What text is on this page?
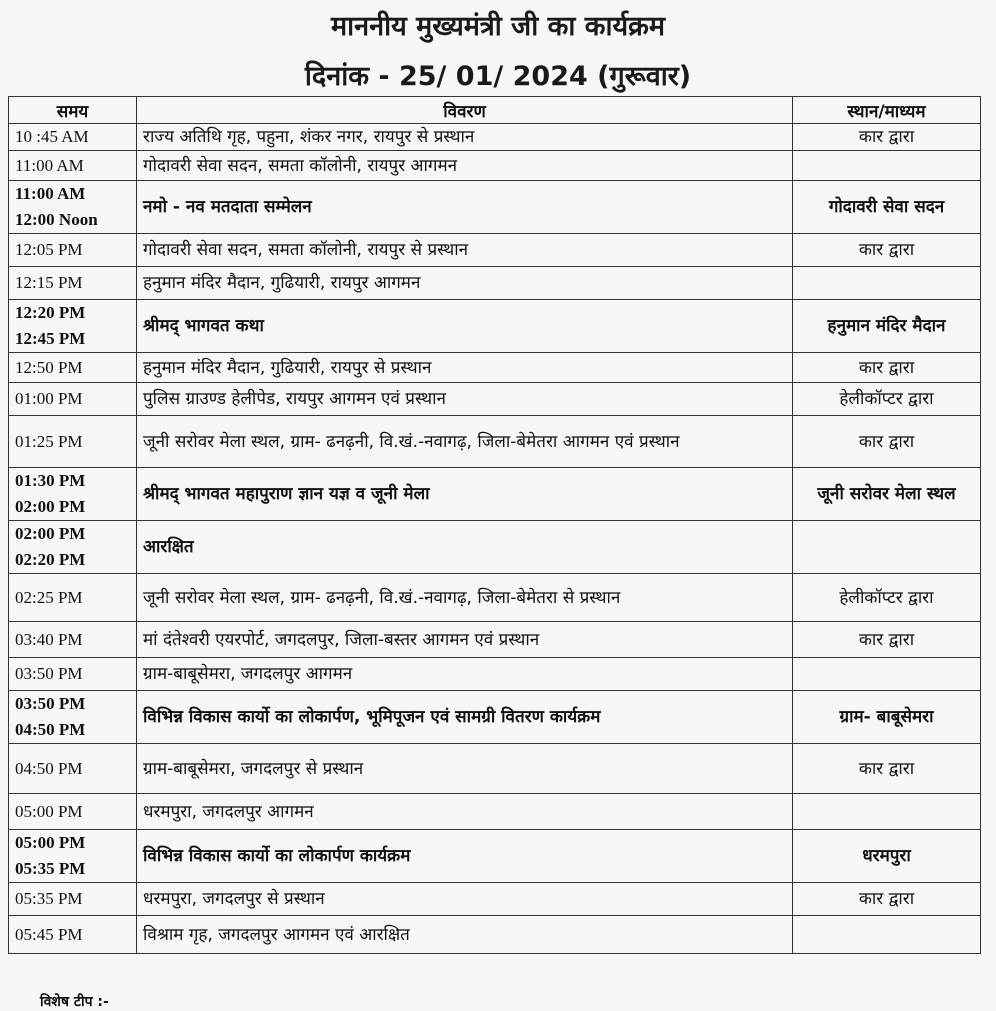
माननीय मुख्यमंत्री जी का कार्यक्रम
दिनांक - 25/ 01/ 2024 (गुरूवार)
समय	विवरण	स्थान/माध्यम

10 :45 AM	राज्य अतिथि गृह, पहुना, शंकर नगर, रायपुर से प्रस्थान	कार द्वारा

11:00 AM	गोदावरी सेवा सदन, समता कॉलोनी, रायपुर आगमन	

11:00 AM
12:00 Noon	नमो - नव मतदाता सम्मेलन	गोदावरी सेवा सदन

12:05 PM	गोदावरी सेवा सदन, समता कॉलोनी, रायपुर से प्रस्थान	कार द्वारा

12:15 PM	हनुमान मंदिर मैदान, गुढियारी, रायपुर आगमन	

12:20 PM
12:45 PM	श्रीमद् भागवत कथा	हनुमान मंदिर मैदान

12:50 PM	हनुमान मंदिर मैदान, गुढियारी, रायपुर से प्रस्थान	कार द्वारा

01:00 PM	पुलिस ग्राउण्ड हेलीपेड, रायपुर आगमन एवं प्रस्थान	हेलीकॉप्टर द्वारा

01:25 PM	जूनी सरोवर मेला स्थल, ग्राम- ढनढ़नी, वि.खं.-नवागढ़, जिला-बेमेतरा आगमन एवं प्रस्थान	कार द्वारा

01:30 PM
02:00 PM	श्रीमद् भागवत महापुराण ज्ञान यज्ञ व जूनी मेला	जूनी सरोवर मेला स्थल

02:00 PM
02:20 PM	आरक्षित	

02:25 PM	जूनी सरोवर मेला स्थल, ग्राम- ढनढ़नी, वि.खं.-नवागढ़, जिला-बेमेतरा से प्रस्थान	हेलीकॉप्टर द्वारा

03:40 PM	मां दंतेश्वरी एयरपोर्ट, जगदलपुर, जिला-बस्तर आगमन एवं प्रस्थान	कार द्वारा

03:50 PM	ग्राम-बाबूसेमरा, जगदलपुर आगमन	

03:50 PM
04:50 PM	विभिन्न विकास कार्यो का लोकार्पण, भूमिपूजन एवं सामग्री वितरण कार्यक्रम	ग्राम- बाबूसेमरा

04:50 PM	ग्राम-बाबूसेमरा, जगदलपुर से प्रस्थान	कार द्वारा

05:00 PM	धरमपुरा, जगदलपुर आगमन	

05:00 PM
05:35 PM	विभिन्न विकास कार्यो का लोकार्पण कार्यक्रम	धरमपुरा

05:35 PM	धरमपुरा, जगदलपुर से प्रस्थान	कार द्वारा

05:45 PM	विश्राम गृह, जगदलपुर आगमन एवं आरक्षित	
विशेष टीप :-
